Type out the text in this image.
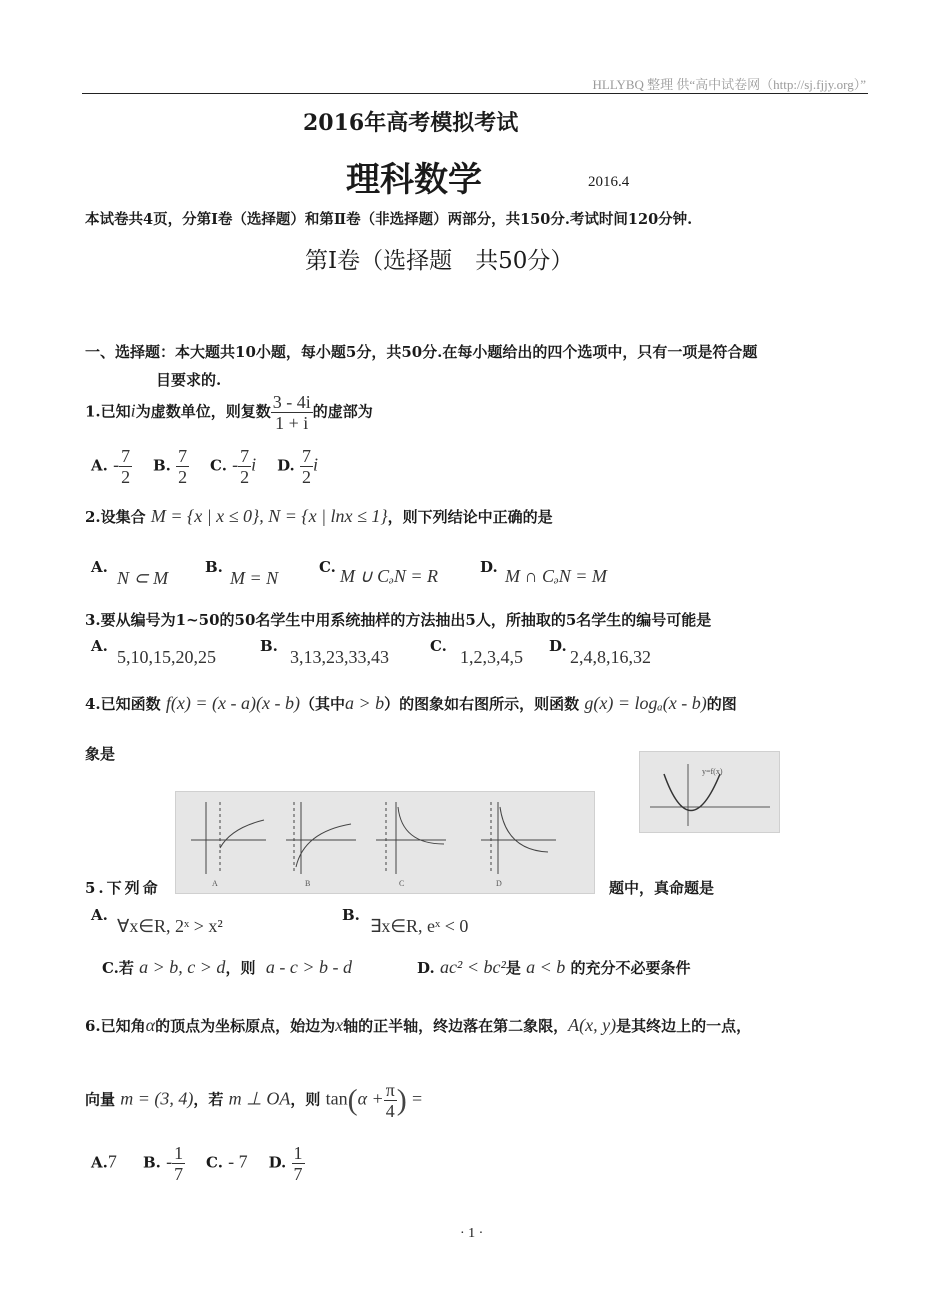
HLLYBQ 整理 供“高中试卷网（http://sj.fjjy.org）”
2016年高考模拟考试
理科数学	2016.4
本试卷共4页，分第Ⅰ卷（选择题）和第Ⅱ卷（非选择题）两部分，共150分.考试时间120分钟.
第Ⅰ卷（选择题　共50分）
一、选择题：本大题共10小题，每小题5分，共50分.在每小题给出的四个选项中，只有一项是符合题
目要求的.
1.已知i为虚数单位，则复数 $\frac{3 - 4i}{1 + i}$ 的虚部为
A. - $\frac{7}{2} B$. $\frac{7}{2} C$. - $\frac{7}{2}$ i D. $\frac{7}{2}$ i
2.设集合 M = {x | x ≤ 0}, N = {x | lnx ≤ 1}，则下列结论中正确的是
A.
N ⊂ M
B.
M = N
C. M ∪ CₔN = R	D. M ∩ CₔN = M
3.要从编号为1~50的50名学生中用系统抽样的方法抽出5人，所抽取的5名学生的编号可能是
A.
5,10,15,20,25
B.
3,13,23,33,43
C.
1,2,3,4,5
D.
2,4,8,16,32
4.已知函数 f(x) = (x - a)(x - b)（其中a > b）的图象如右图所示，则函数 g(x) = logₐ(x - b)的图
象是
y=f(x)
A	B	C	D
5.下列命	题中，真命题是
A.
∀x∈R, 2ˣ > x²
B.
∃x∈R, eˣ < 0
C.若 a > b, c > d，则 a - c > b - d	D. ac² < bc²是 a < b 的充分不必要条件
6.已知角α的顶点为坐标原点，始边为x轴的正半轴，终边落在第二象限，A(x, y)是其终边上的一点，
向量 m = (3, 4)，若 m ⊥ OA，则 $\tan(\alpha + \frac{\pi}{4}$ ) =
A.7 B. - $\frac{1}{7} C$. - 7 D. $\frac{1}{7}$
· 1 ·
